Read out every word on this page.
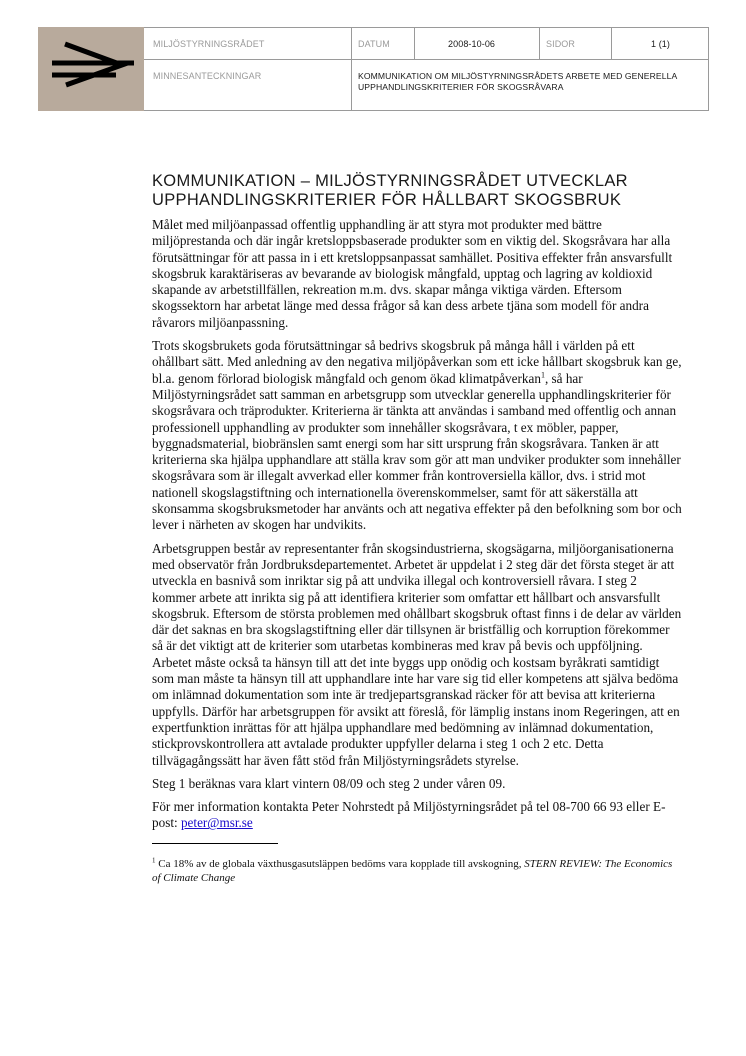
MILJÖSTYRNINGSRÅDET	DATUM	2008-10-06	SIDOR	1 (1)
MINNESANTECKNINGAR	KOMMUNIKATION OM MILJÖSTYRNINGSRÅDETS ARBETE MED GENERELLA
UPPHANDLINGSKRITERIER FÖR SKOGSRÅVARA
KOMMUNIKATION – MILJÖSTYRNINGSRÅDET UTVECKLAR
UPPHANDLINGSKRITERIER FÖR HÅLLBART SKOGSBRUK

Målet med miljöanpassad offentlig upphandling är att styra mot produkter med bättre miljöprestanda och där ingår kretsloppsbaserade produkter som en viktig del. Skogsråvara har alla förutsättningar för att passa in i ett kretsloppsanpassat samhället. Positiva effekter från ansvarsfullt skogsbruk karaktäriseras av bevarande av biologisk mångfald, upptag och lagring av koldioxid skapande av arbetstillfällen, rekreation m.m. dvs. skapar många viktiga värden. Eftersom skogssektorn har arbetat länge med dessa frågor så kan dess arbete tjäna som modell för andra råvarors miljöanpassning.

Trots skogsbrukets goda förutsättningar så bedrivs skogsbruk på många håll i världen på ett ohållbart sätt. Med anledning av den negativa miljöpåverkan som ett icke hållbart skogsbruk kan ge, bl.a. genom förlorad biologisk mångfald och genom ökad klimatpåverkan$^1$, så har Miljöstyrningsrådet satt samman en arbetsgrupp som utvecklar generella upphandlingskriterier för skogsråvara och träprodukter. Kriterierna är tänkta att användas i samband med offentlig och annan professionell upphandling av produkter som innehåller skogsråvara, t ex möbler, papper, byggnadsmaterial, biobränslen samt energi som har sitt ursprung från skogsråvara. Tanken är att kriterierna ska hjälpa upphandlare att ställa krav som gör att man undviker produkter som innehåller skogsråvara som är illegalt avverkad eller kommer från kontroversiella källor, dvs. i strid mot nationell skogslagstiftning och internationella överenskommelser, samt för att säkerställa att skonsamma skogsbruksmetoder har använts och att negativa effekter på den befolkning som bor och lever i närheten av skogen har undvikits.

Arbetsgruppen består av representanter från skogsindustrierna, skogsägarna, miljöorganisationerna med observatör från Jordbruksdepartementet. Arbetet är uppdelat i 2 steg där det första steget är att utveckla en basnivå som inriktar sig på att undvika illegal och kontroversiell råvara. I steg 2 kommer arbete att inrikta sig på att identifiera kriterier som omfattar ett hållbart och ansvarsfullt skogsbruk. Eftersom de största problemen med ohållbart skogsbruk oftast finns i de delar av världen där det saknas en bra skogslagstiftning eller där tillsynen är bristfällig och korruption förekommer så är det viktigt att de kriterier som utarbetas kombineras med krav på bevis och uppföljning. Arbetet måste också ta hänsyn till att det inte byggs upp onödig och kostsam byråkrati samtidigt som man måste ta hänsyn till att upphandlare inte har vare sig tid eller kompetens att själva bedöma om inlämnad dokumentation som inte är tredjepartsgranskad räcker för att bevisa att kriterierna uppfylls. Därför har arbetsgruppen för avsikt att föreslå, för lämplig instans inom Regeringen, att en expertfunktion inrättas för att hjälpa upphandlare med bedömning av inlämnad dokumentation, stickprovskontrollera att avtalade produkter uppfyller delarna i steg 1 och 2 etc. Detta tillvägagångssätt har även fått stöd från Miljöstyrningsrådets styrelse.

Steg 1 beräknas vara klart vintern 08/09 och steg 2 under våren 09.

För mer information kontakta Peter Nohrstedt på Miljöstyrningsrådet på tel 08-700 66 93 eller E-post: peter@msr.se

$^1$ Ca 18% av de globala växthusgasutsläppen bedöms vara kopplade till avskogning, STERN REVIEW: The Economics of Climate Change
